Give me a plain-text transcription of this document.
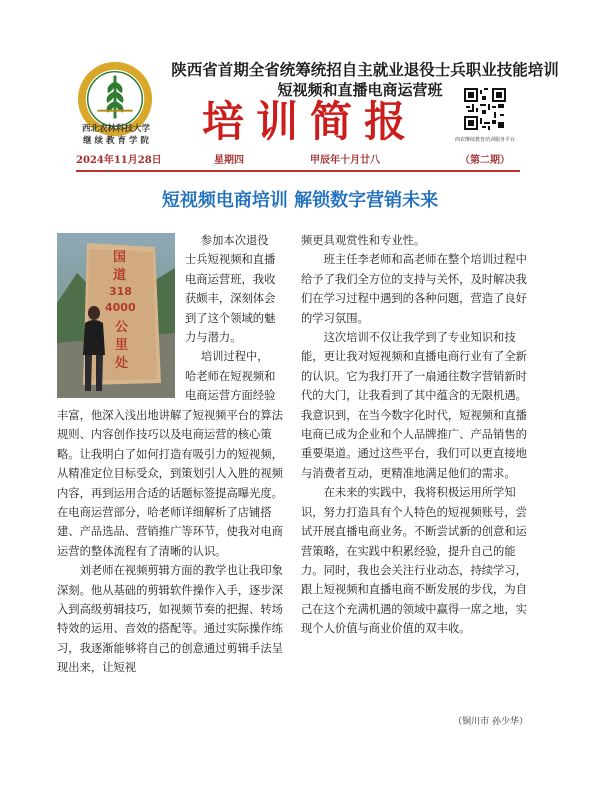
西北农林科技大学
继 续 教 育 学 院
陕西省首期全省统筹统招自主就业退役士兵职业技能培训
短视频和直播电商运营班
培训简报	西农继续教育培训服务平台
2024年11月28日	星期四	甲辰年十月廿八	（第二期）
短视频电商培训 解锁数字营销未来
国
道
318
4000
公
里
处
参加本次退役
士兵短视频和直播
电商运营班，我收
获颇丰，深刻体会
到了这个领域的魅
力与潜力。
培训过程中，
哈老师在短视频和
电商运营方面经验

丰富，他深入浅出地讲解了短视频平台的算法规则、内容创作技巧以及电商运营的核心策略。让我明白了如何打造有吸引力的短视频，从精准定位目标受众，到策划引人入胜的视频内容，再到运用合适的话题标签提高曝光度。在电商运营部分，哈老师详细解析了店铺搭建、产品选品、营销推广等环节，使我对电商运营的整体流程有了清晰的认识。

刘老师在视频剪辑方面的教学也让我印象深刻。他从基础的剪辑软件操作入手，逐步深入到高级剪辑技巧，如视频节奏的把握、转场特效的运用、音效的搭配等。通过实际操作练习，我逐渐能够将自己的创意通过剪辑手法呈现出来，让短视

频更具观赏性和专业性。

班主任李老师和高老师在整个培训过程中给予了我们全方位的支持与关怀，及时解决我们在学习过程中遇到的各种问题，营造了良好的学习氛围。

这次培训不仅让我学到了专业知识和技能，更让我对短视频和直播电商行业有了全新的认识。它为我打开了一扇通往数字营销新时代的大门，让我看到了其中蕴含的无限机遇。我意识到，在当今数字化时代，短视频和直播电商已成为企业和个人品牌推广、产品销售的重要渠道。通过这些平台，我们可以更直接地与消费者互动，更精准地满足他们的需求。

在未来的实践中，我将积极运用所学知识，努力打造具有个人特色的短视频账号，尝试开展直播电商业务。不断尝试新的创意和运营策略，在实践中积累经验，提升自己的能力。同时，我也会关注行业动态，持续学习，跟上短视频和直播电商不断发展的步伐，为自己在这个充满机遇的领域中赢得一席之地，实现个人价值与商业价值的双丰收。

（铜川市 孙少华）
